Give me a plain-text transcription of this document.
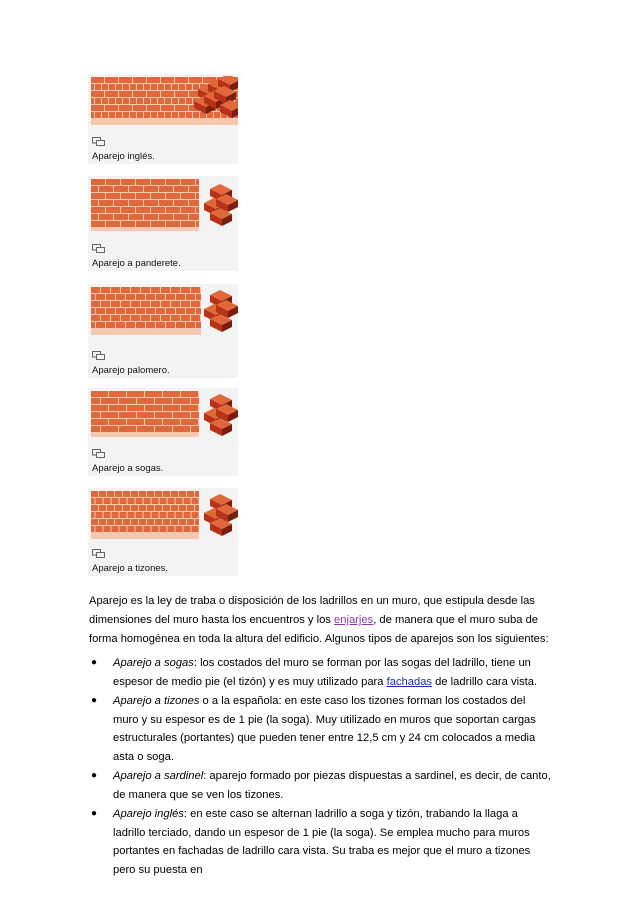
Aparejo inglés.
Aparejo a panderete.
Aparejo palomero.
Aparejo a sogas.
Aparejo a tizones.

Aparejo es la ley de traba o disposición de los ladrillos en un muro, que estipula desde las dimensiones del muro hasta los encuentros y los enjarjes, de manera que el muro suba de forma homogénea en toda la altura del edificio. Algunos tipos de aparejos son los siguientes:

● Aparejo a sogas: los costados del muro se forman por las sogas del ladrillo, tiene un espesor de medio pie (el tizón) y es muy utilizado para fachadas de ladrillo cara vista.
● Aparejo a tizones o a la española: en este caso los tizones forman los costados del muro y su espesor es de 1 pie (la soga). Muy utilizado en muros que soportan cargas estructurales (portantes) que pueden tener entre 12,5 cm y 24 cm colocados a media asta o soga.
● Aparejo a sardinel: aparejo formado por piezas dispuestas a sardinel, es decir, de canto, de manera que se ven los tizones.
● Aparejo inglés: en este caso se alternan ladrillo a soga y tizón, trabando la llaga a ladrillo terciado, dando un espesor de 1 pie (la soga). Se emplea mucho para muros portantes en fachadas de ladrillo cara vista. Su traba es mejor que el muro a tizones pero su puesta en
